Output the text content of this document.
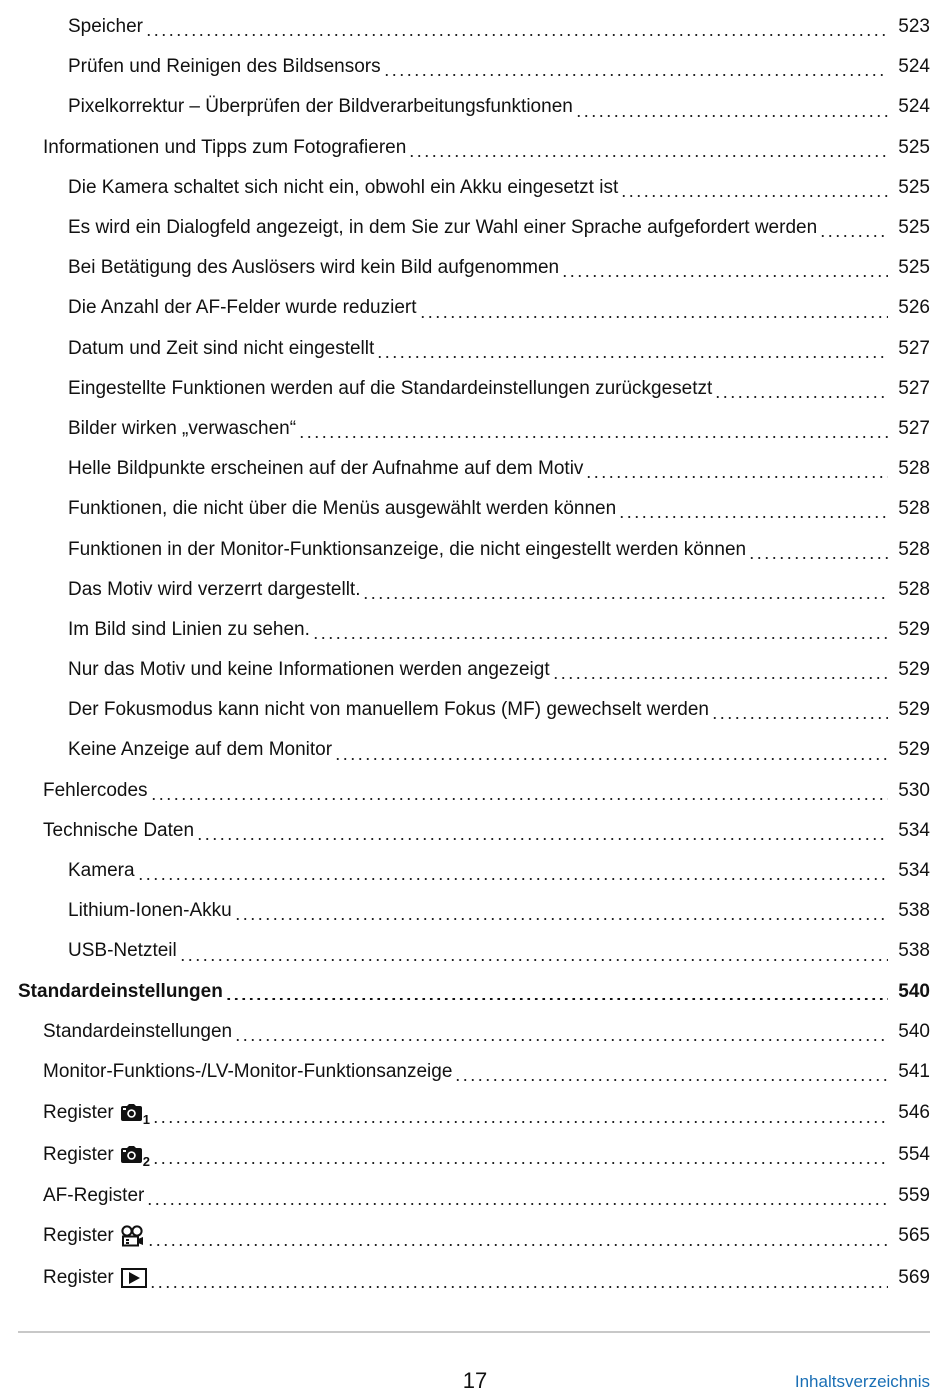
Speicher	523
Prüfen und Reinigen des Bildsensors	524
Pixelkorrektur – Überprüfen der Bildverarbeitungsfunktionen	524
Informationen und Tipps zum Fotografieren	525
Die Kamera schaltet sich nicht ein, obwohl ein Akku eingesetzt ist	525
Es wird ein Dialogfeld angezeigt, in dem Sie zur Wahl einer Sprache aufgefordert werden	525
Bei Betätigung des Auslösers wird kein Bild aufgenommen	525
Die Anzahl der AF-Felder wurde reduziert	526
Datum und Zeit sind nicht eingestellt	527
Eingestellte Funktionen werden auf die Standardeinstellungen zurückgesetzt	527
Bilder wirken „verwaschen“	527
Helle Bildpunkte erscheinen auf der Aufnahme auf dem Motiv	528
Funktionen, die nicht über die Menüs ausgewählt werden können	528
Funktionen in der Monitor-Funktionsanzeige, die nicht eingestellt werden können	528
Das Motiv wird verzerrt dargestellt.	528
Im Bild sind Linien zu sehen.	529
Nur das Motiv und keine Informationen werden angezeigt	529
Der Fokusmodus kann nicht von manuellem Fokus (MF) gewechselt werden	529
Keine Anzeige auf dem Monitor	529
Fehlercodes	530
Technische Daten	534
Kamera	534
Lithium-Ionen-Akku	538
USB-Netzteil	538
Standardeinstellungen	540
Standardeinstellungen	540
Monitor-Funktions-/LV-Monitor-Funktionsanzeige	541
Register 1	546
Register 2	554
AF-Register	559
Register	565
Register	569
17	Inhaltsverzeichnis
